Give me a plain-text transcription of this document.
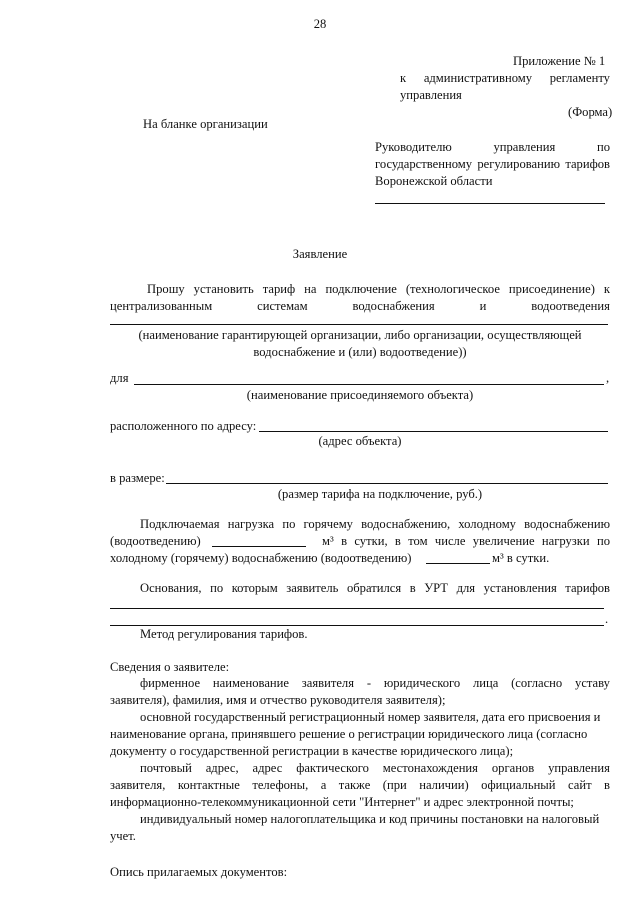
28
Приложение № 1
к административному регламенту
управления
(Форма)
На бланке организации
Руководителю	управления	по
государственному регулированию тарифов
Воронежской области
Заявление
Прошу установить тариф на подключение (технологическое присоединение) к
централизованным	системам	водоснабжения	и	водоотведения
(наименование гарантирующей организации, либо организации, осуществляющей
водоснабжение и (или) водоотведение))
для	,
(наименование присоединяемого объекта)
расположенного по адресу:
(адрес объекта)
в размере:
(размер тарифа на подключение, руб.)
Подключаемая нагрузка по горячему водоснабжению, холодному водоснабжению
(водоотведению)	м³ в сутки, в том числе увеличение нагрузки по
холодному (горячему) водоснабжению (водоотведению)	м³ в сутки.
Основания, по которым заявитель обратился в УРТ для установления тарифов
.
Метод регулирования тарифов.
Сведения о заявителе:
фирменное наименование заявителя - юридического лица (согласно уставу
заявителя), фамилия, имя и отчество руководителя заявителя);
основной государственный регистрационный номер заявителя, дата его присвоения и
наименование органа, принявшего решение о регистрации юридического лица (согласно
документу о государственной регистрации в качестве юридического лица);
почтовый адрес, адрес фактического местонахождения органов управления
заявителя, контактные телефоны, а также (при наличии) официальный сайт в
информационно-телекоммуникационной сети "Интернет" и адрес электронной почты;
индивидуальный номер налогоплательщика и код причины постановки на налоговый
учет.
Опись прилагаемых документов:
